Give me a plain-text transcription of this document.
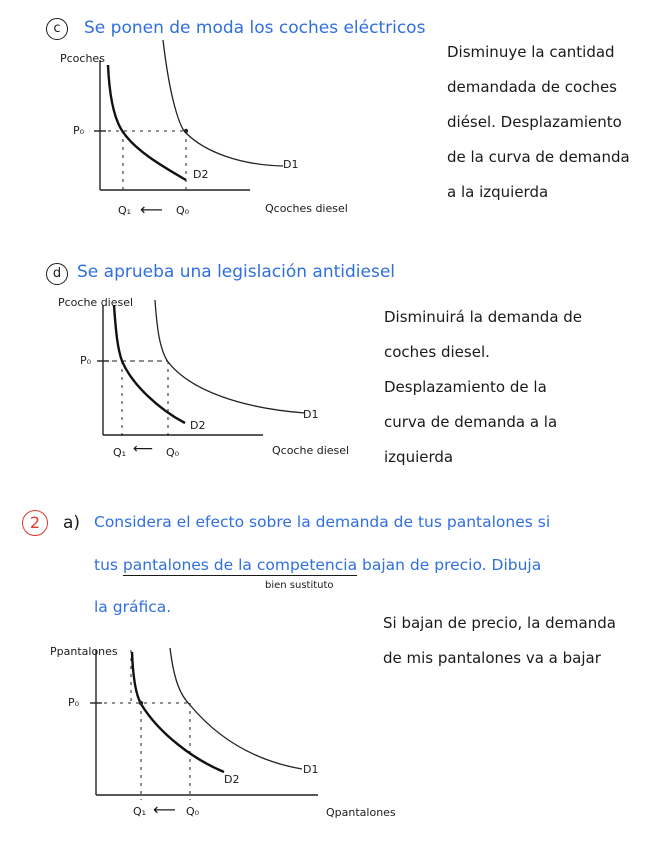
c	Se ponen de moda los coches eléctricos
Pcoches
P₀
Q₁ ⟵ Q₀	Qcoches diesel
D1
D2
Disminuye la cantidad
demandada de coches
diésel. Desplazamiento
de la curva de demanda
a la izquierda
d Se aprueba una legislación antidiesel
Pcoche diesel
P₀
Q₁ ⟵ Q₀	Qcoche diesel
D1
D2
Disminuirá la demanda de
coches diesel.
Desplazamiento de la
curva de demanda a la
izquierda
2	a) Considera el efecto sobre la demanda de tus pantalones si
tus pantalones de la competencia bajan de precio. Dibuja
bien sustituto
la gráfica.
Ppantalones
P₀
Q₁ ⟵ Q₀	Qpantalones
D1
D2
Si bajan de precio, la demanda
de mis pantalones va a bajar
